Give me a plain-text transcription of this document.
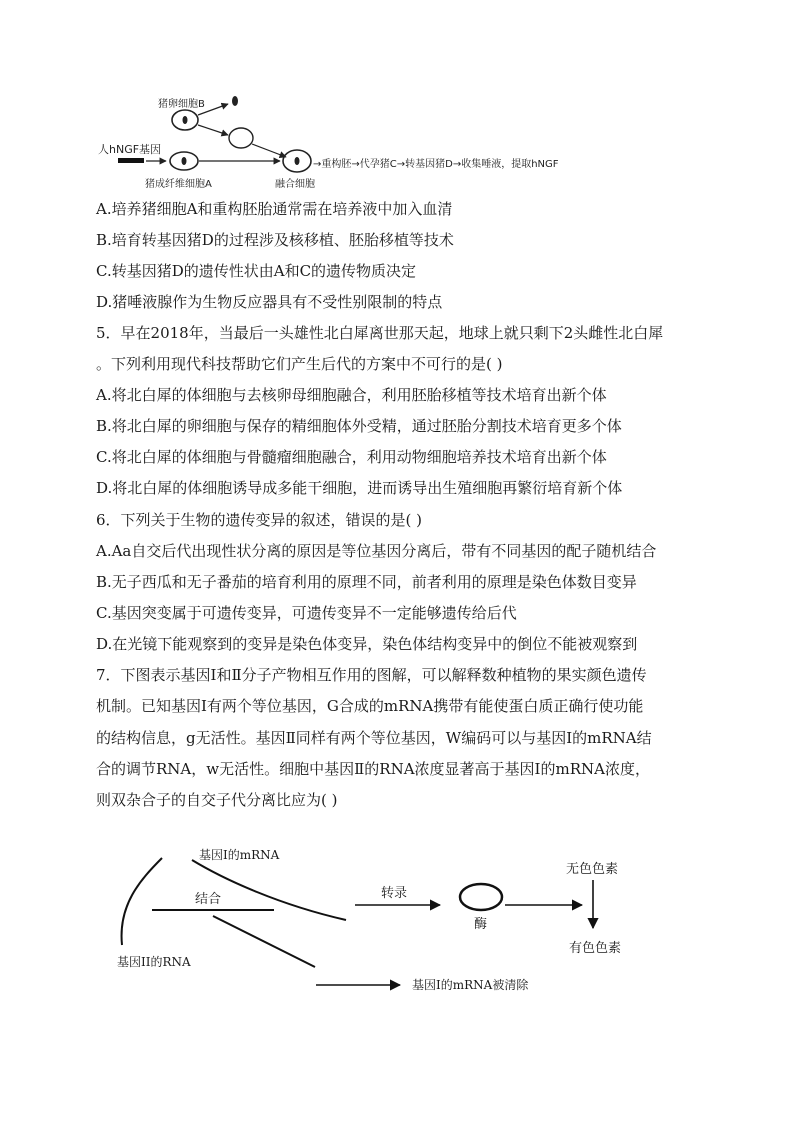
猪卵细胞B
人hNGF基因
猪成纤维细胞A	融合细胞
→重构胚→代孕猪C→转基因猪D→收集唾液，提取hNGF
A.培养猪细胞A和重构胚胎通常需在培养液中加入血清
B.培育转基因猪D的过程涉及核移植、胚胎移植等技术
C.转基因猪D的遗传性状由A和C的遗传物质决定
D.猪唾液腺作为生物反应器具有不受性别限制的特点
5．早在2018年，当最后一头雄性北白犀离世那天起，地球上就只剩下2头雌性北白犀
。下列利用现代科技帮助它们产生后代的方案中不可行的是( )
A.将北白犀的体细胞与去核卵母细胞融合，利用胚胎移植等技术培育出新个体
B.将北白犀的卵细胞与保存的精细胞体外受精，通过胚胎分割技术培育更多个体
C.将北白犀的体细胞与骨髓瘤细胞融合，利用动物细胞培养技术培育出新个体
D.将北白犀的体细胞诱导成多能干细胞，进而诱导出生殖细胞再繁衍培育新个体
6．下列关于生物的遗传变异的叙述，错误的是( )
A.Aa自交后代出现性状分离的原因是等位基因分离后，带有不同基因的配子随机结合
B.无子西瓜和无子番茄的培育利用的原理不同，前者利用的原理是染色体数目变异
C.基因突变属于可遗传变异，可遗传变异不一定能够遗传给后代
D.在光镜下能观察到的变异是染色体变异，染色体结构变异中的倒位不能被观察到
7．下图表示基因Ⅰ和Ⅱ分子产物相互作用的图解，可以解释数种植物的果实颜色遗传
机制。已知基因Ⅰ有两个等位基因，G合成的mRNA携带有能使蛋白质正确行使功能
的结构信息，g无活性。基因Ⅱ同样有两个等位基因，W编码可以与基因Ⅰ的mRNA结
合的调节RNA，w无活性。细胞中基因Ⅱ的RNA浓度显著高于基因Ⅰ的mRNA浓度，
则双杂合子的自交子代分离比应为( )
基因I的mRNA
结合
基因II的RNA
转录
酶
无色色素
有色色素
基因I的mRNA被清除
